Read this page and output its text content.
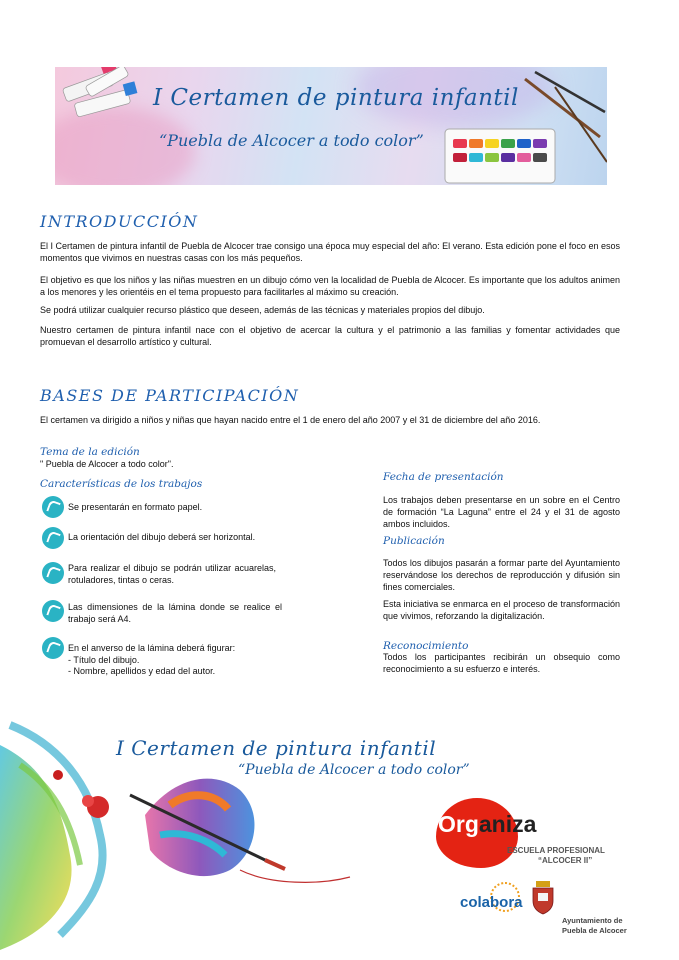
I Certamen de pintura infantil
“Puebla de Alcocer a todo color”
INTRODUCCIÓN
El I Certamen de pintura infantil de Puebla de Alcocer trae consigo una época muy especial del año: El verano. Esta edición pone el foco en esos momentos que vivimos en nuestras casas con los más pequeños.
El objetivo es que los niños y las niñas muestren en un dibujo cómo ven la localidad de Puebla de Alcocer. Es importante que los adultos animen a los menores y les orientéis en el tema propuesto para facilitarles al máximo su creación.
Se podrá utilizar cualquier recurso plástico que deseen, además de las técnicas y materiales propios del dibujo.
Nuestro certamen de pintura infantil nace con el objetivo de acercar la cultura y el patrimonio a las familias y fomentar actividades que promuevan el desarrollo artístico y cultural.
BASES DE PARTICIPACIÓN
El certamen va dirigido a niños y niñas que hayan nacido entre el 1 de enero del año 2007 y el 31 de diciembre del año 2016.
Tema de la edición
" Puebla de Alcocer a todo color".
Características de los trabajos
Se presentarán en formato papel.
La orientación del dibujo deberá ser horizontal.
Para realizar el dibujo se podrán utilizar acuarelas, rotuladores, tintas o ceras.
Las dimensiones de la lámina donde se realice el trabajo será A4.
En el anverso de la lámina deberá figurar:
- Título del dibujo.
- Nombre, apellidos y edad del autor.
Fecha de presentación
Los trabajos deben presentarse en un sobre en el Centro de formación “La Laguna” entre el 24 y el 31 de agosto ambos incluidos.
Publicación
Todos los dibujos pasarán a formar parte del Ayuntamiento reservándose los derechos de reproducción y difusión sin fines comerciales.
Esta iniciativa se enmarca en el proceso de transformación que vivimos, reforzando la digitalización.
Reconocimiento
Todos los participantes recibirán un obsequio como reconocimiento a su esfuerzo e interés.
I Certamen de pintura infantil
“Puebla de Alcocer a todo color”
Organiza
ESCUELA PROFESIONAL
“ALCOCER II”
colabora
Ayuntamiento de
Puebla de Alcocer
